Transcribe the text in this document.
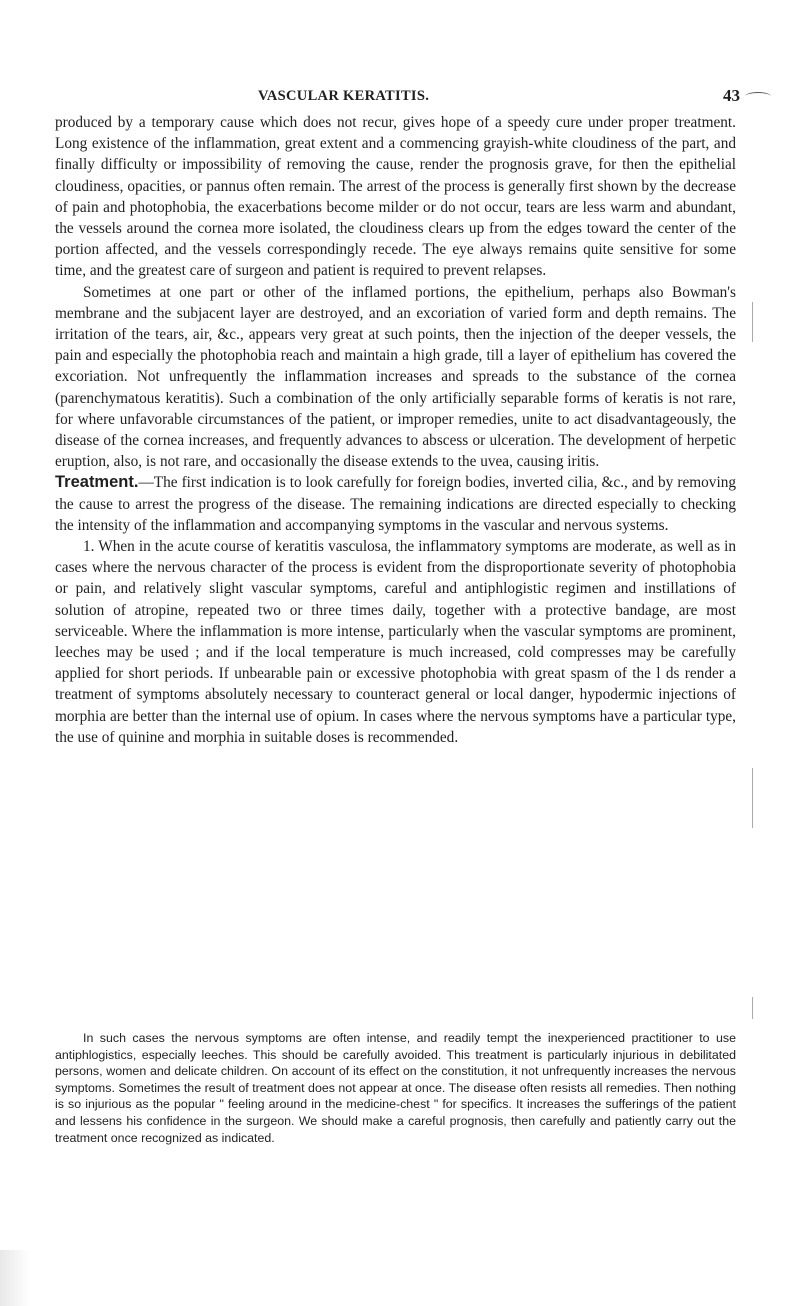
VASCULAR KERATITIS.	43

produced by a temporary cause which does not recur, gives hope of a speedy cure under proper treatment. Long existence of the inflammation, great extent and a commencing grayish-white cloudiness of the part, and finally difficulty or impossibility of removing the cause, render the prognosis grave, for then the epithelial cloudiness, opacities, or pannus often remain. The arrest of the process is generally first shown by the decrease of pain and photophobia, the exacerbations become milder or do not occur, tears are less warm and abundant, the vessels around the cornea more isolated, the cloudiness clears up from the edges toward the center of the portion affected, and the vessels correspondingly recede. The eye always remains quite sensitive for some time, and the greatest care of surgeon and patient is required to prevent relapses.

Sometimes at one part or other of the inflamed portions, the epithelium, perhaps also Bowman's membrane and the subjacent layer are destroyed, and an excoriation of varied form and depth remains. The irritation of the tears, air, &c., appears very great at such points, then the injection of the deeper vessels, the pain and especially the photophobia reach and maintain a high grade, till a layer of epithelium has covered the excoriation. Not unfrequently the inflammation increases and spreads to the substance of the cornea (parenchymatous keratitis). Such a combination of the only artificially separable forms of keratis is not rare, for where unfavorable circumstances of the patient, or improper remedies, unite to act disadvantageously, the disease of the cornea increases, and frequently advances to abscess or ulceration. The development of herpetic eruption, also, is not rare, and occasionally the disease extends to the uvea, causing iritis.

Treatment.—The first indication is to look carefully for foreign bodies, inverted cilia, &c., and by removing the cause to arrest the progress of the disease. The remaining indications are directed especially to checking the intensity of the inflammation and accompanying symptoms in the vascular and nervous systems.

1. When in the acute course of keratitis vasculosa, the inflammatory symptoms are moderate, as well as in cases where the nervous character of the process is evident from the disproportionate severity of photophobia or pain, and relatively slight vascular symptoms, careful and antiphlogistic regimen and instillations of solution of atropine, repeated two or three times daily, together with a protective bandage, are most serviceable. Where the inflammation is more intense, particularly when the vascular symptoms are prominent, leeches may be used ; and if the local temperature is much increased, cold compresses may be carefully applied for short periods. If unbearable pain or excessive photophobia with great spasm of the l ds render a treatment of symptoms absolutely necessary to counteract general or local danger, hypodermic injections of morphia are better than the internal use of opium. In cases where the nervous symptoms have a particular type, the use of quinine and morphia in suitable doses is recommended.

In such cases the nervous symptoms are often intense, and readily tempt the inexperienced practitioner to use antiphlogistics, especially leeches. This should be carefully avoided. This treatment is particularly injurious in debilitated persons, women and delicate children. On account of its effect on the constitution, it not unfrequently increases the nervous symptoms. Sometimes the result of treatment does not appear at once. The disease often resists all remedies. Then nothing is so injurious as the popular " feeling around in the medicine-chest " for specifics. It increases the sufferings of the patient and lessens his confidence in the surgeon. We should make a careful prognosis, then carefully and patiently carry out the treatment once recognized as indicated.
